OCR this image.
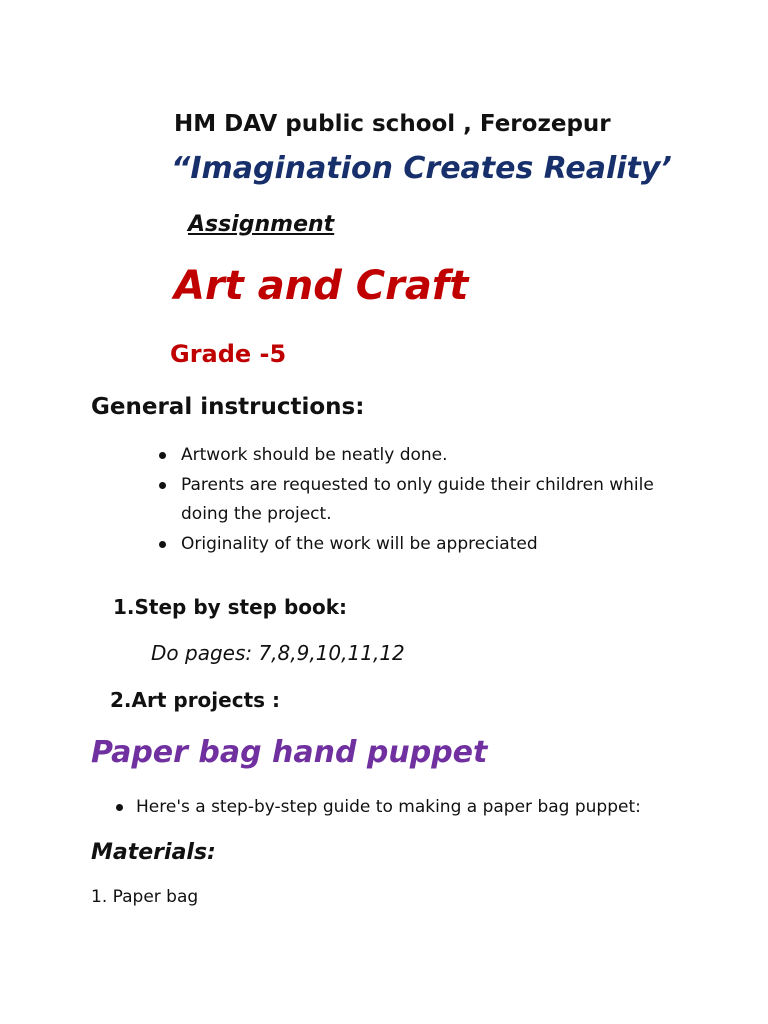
HM DAV public school , Ferozepur
“Imagination Creates Reality’
Assignment
Art and Craft
Grade -5
General instructions:
Artwork should be neatly done.
Parents are requested to only guide their children while doing the project.
Originality of the work will be appreciated
1.Step by step book:
Do pages: 7,8,9,10,11,12
2.Art projects :
Paper bag hand puppet
Here's a step-by-step guide to making a paper bag puppet:
Materials:
1. Paper bag
